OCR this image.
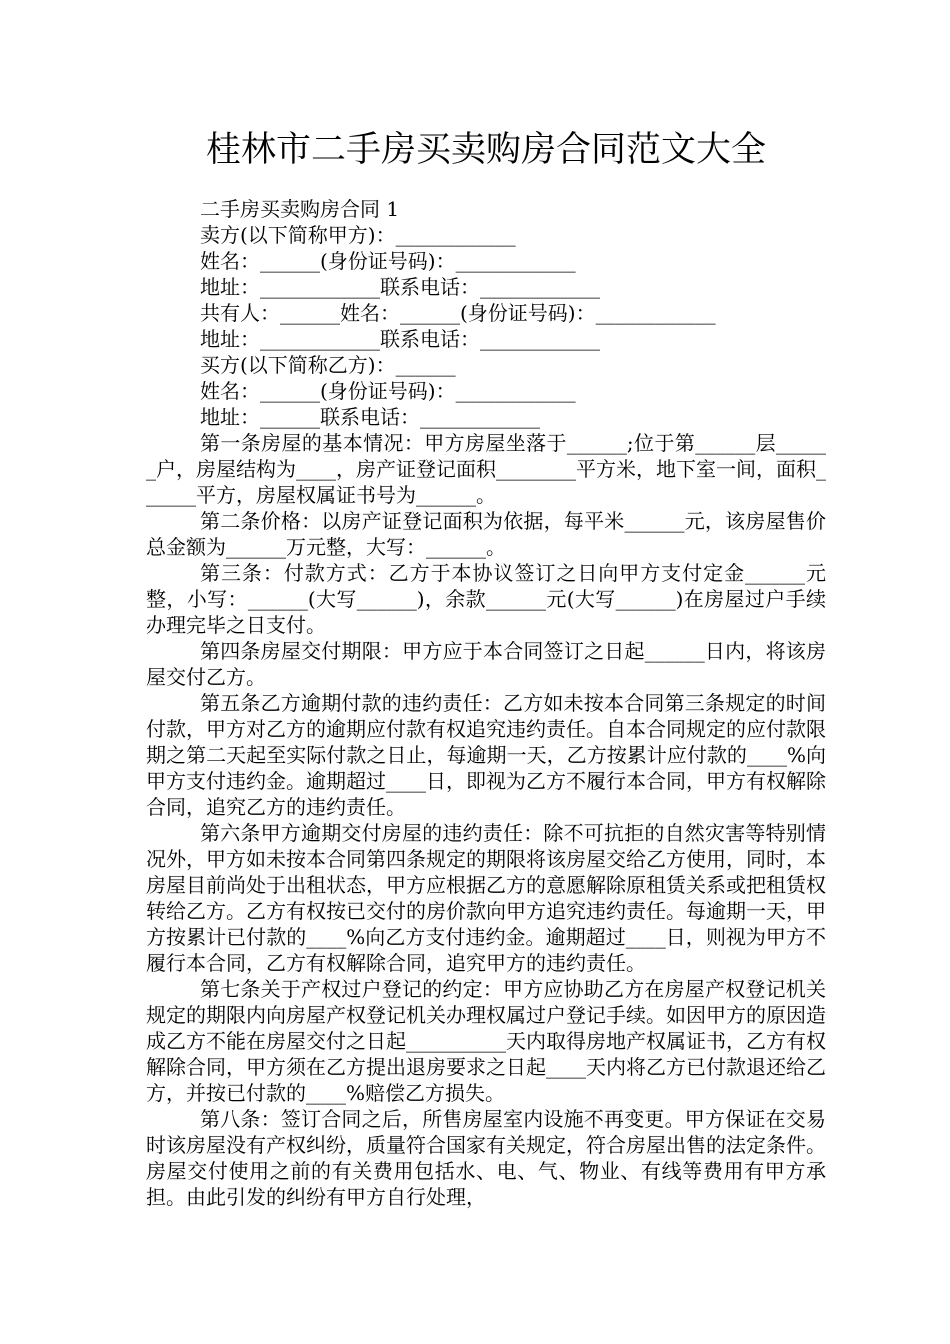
桂林市二手房买卖购房合同范文大全
二手房买卖购房合同 1
卖方(以下简称甲方)：____________
姓名：______(身份证号码)：____________
地址：____________联系电话：____________
共有人：______姓名：______(身份证号码)：____________
地址：____________联系电话：____________
买方(以下简称乙方)：______
姓名：______(身份证号码)：____________
地址：______联系电话：____________

第一条房屋的基本情况：甲方房屋坐落于______;位于第______层______户，房屋结构为____，房产证登记面积________平方米，地下室一间，面积______平方，房屋权属证书号为______。

第二条价格：以房产证登记面积为依据，每平米______元，该房屋售价总金额为______万元整，大写：______。

第三条：付款方式：乙方于本协议签订之日向甲方支付定金______元整，小写：______(大写______)，余款______元(大写______)在房屋过户手续办理完毕之日支付。

第四条房屋交付期限：甲方应于本合同签订之日起______日内，将该房屋交付乙方。

第五条乙方逾期付款的违约责任：乙方如未按本合同第三条规定的时间付款，甲方对乙方的逾期应付款有权追究违约责任。自本合同规定的应付款限期之第二天起至实际付款之日止，每逾期一天，乙方按累计应付款的____%向甲方支付违约金。逾期超过____日，即视为乙方不履行本合同，甲方有权解除合同，追究乙方的违约责任。

第六条甲方逾期交付房屋的违约责任：除不可抗拒的自然灾害等特别情况外，甲方如未按本合同第四条规定的期限将该房屋交给乙方使用，同时，本房屋目前尚处于出租状态，甲方应根据乙方的意愿解除原租赁关系或把租赁权转给乙方。乙方有权按已交付的房价款向甲方追究违约责任。每逾期一天，甲方按累计已付款的____%向乙方支付违约金。逾期超过____日，则视为甲方不履行本合同，乙方有权解除合同，追究甲方的违约责任。

第七条关于产权过户登记的约定：甲方应协助乙方在房屋产权登记机关规定的期限内向房屋产权登记机关办理权属过户登记手续。如因甲方的原因造成乙方不能在房屋交付之日起__________天内取得房地产权属证书，乙方有权解除合同，甲方须在乙方提出退房要求之日起____天内将乙方已付款退还给乙方，并按已付款的____%赔偿乙方损失。

第八条：签订合同之后，所售房屋室内设施不再变更。甲方保证在交易时该房屋没有产权纠纷，质量符合国家有关规定，符合房屋出售的法定条件。房屋交付使用之前的有关费用包括水、电、气、物业、有线等费用有甲方承担。由此引发的纠纷有甲方自行处理，
